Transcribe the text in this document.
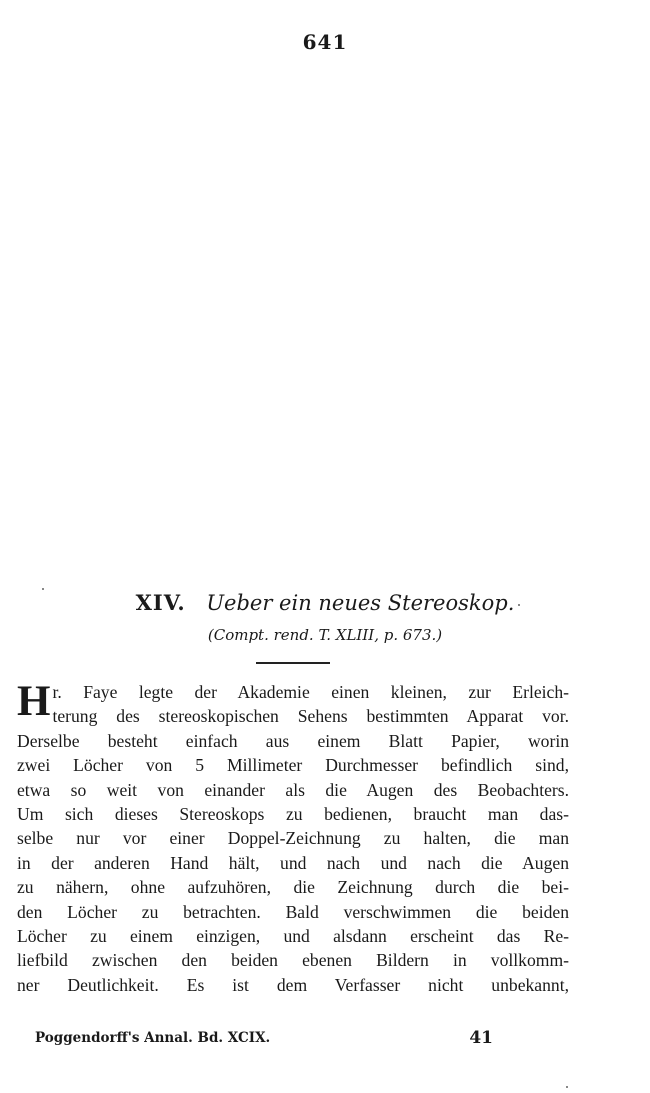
641
XIV. Ueber ein neues Stereoskop.
(Compt. rend. T. XLIII, p. 673.)
H r. Faye legte der Akademie einen kleinen, zur Erleich-
terung des stereoskopischen Sehens bestimmten Apparat vor.
Derselbe besteht einfach aus einem Blatt Papier, worin
zwei Löcher von 5 Millimeter Durchmesser befindlich sind,
etwa so weit von einander als die Augen des Beobachters.
Um sich dieses Stereoskops zu bedienen, braucht man das-
selbe nur vor einer Doppel-Zeichnung zu halten, die man
in der anderen Hand hält, und nach und nach die Augen
zu nähern, ohne aufzuhören, die Zeichnung durch die bei-
den Löcher zu betrachten. Bald verschwimmen die beiden
Löcher zu einem einzigen, und alsdann erscheint das Re-
liefbild zwischen den beiden ebenen Bildern in vollkomm-
ner Deutlichkeit. Es ist dem Verfasser nicht unbekannt,
Poggendorff's Annal. Bd. XCIX.	41
